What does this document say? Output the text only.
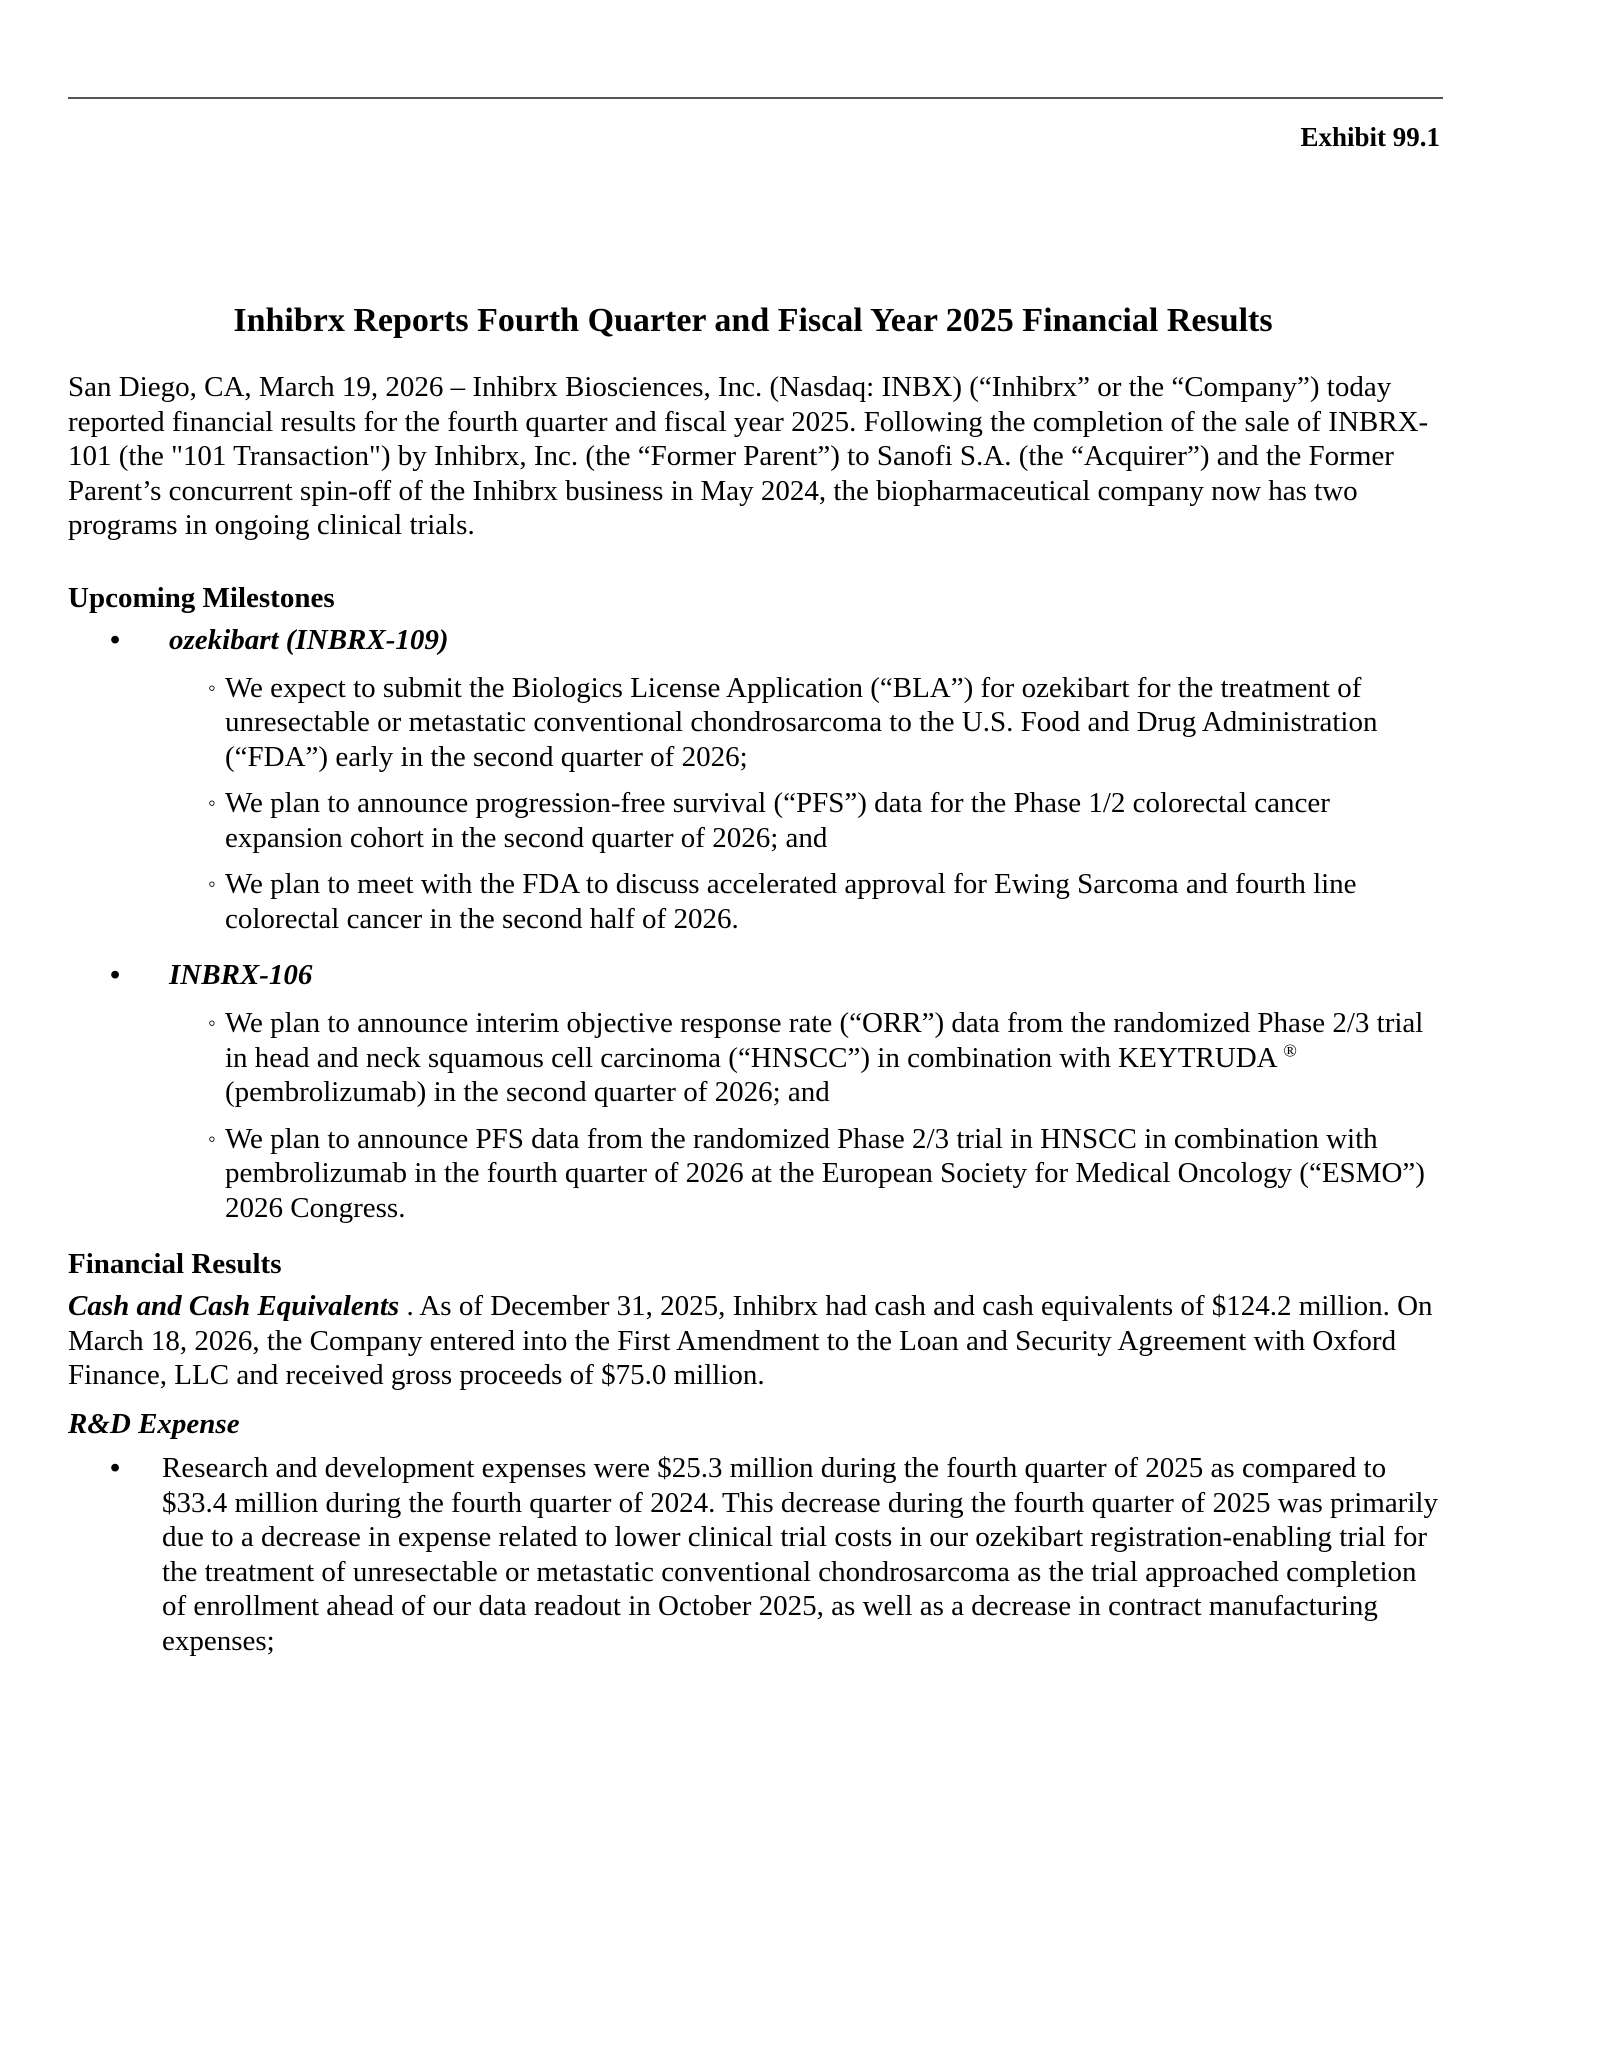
Exhibit 99.1
Inhibrx Reports Fourth Quarter and Fiscal Year 2025 Financial Results

San Diego, CA, March 19, 2026 – Inhibrx Biosciences, Inc. (Nasdaq: INBX) (“Inhibrx” or the “Company”) today reported financial results for the fourth quarter and fiscal year 2025. Following the completion of the sale of INBRX-101 (the "101 Transaction") by Inhibrx, Inc. (the “Former Parent”) to Sanofi S.A. (the “Acquirer”) and the Former Parent’s concurrent spin-off of the Inhibrx business in May 2024, the biopharmaceutical company now has two programs in ongoing clinical trials.

Upcoming Milestones
• ozekibart (INBRX-109)
◦ We expect to submit the Biologics License Application (“BLA”) for ozekibart for the treatment of unresectable or metastatic conventional chondrosarcoma to the U.S. Food and Drug Administration (“FDA”) early in the second quarter of 2026;
◦ We plan to announce progression-free survival (“PFS”) data for the Phase 1/2 colorectal cancer expansion cohort in the second quarter of 2026; and
◦ We plan to meet with the FDA to discuss accelerated approval for Ewing Sarcoma and fourth line colorectal cancer in the second half of 2026.
• INBRX-106
◦ We plan to announce interim objective response rate (“ORR”) data from the randomized Phase 2/3 trial in head and neck squamous cell carcinoma (“HNSCC”) in combination with KEYTRUDA ® (pembrolizumab) in the second quarter of 2026; and
◦ We plan to announce PFS data from the randomized Phase 2/3 trial in HNSCC in combination with pembrolizumab in the fourth quarter of 2026 at the European Society for Medical Oncology (“ESMO”) 2026 Congress.
Financial Results

Cash and Cash Equivalents . As of December 31, 2025, Inhibrx had cash and cash equivalents of $124.2 million. On March 18, 2026, the Company entered into the First Amendment to the Loan and Security Agreement with Oxford Finance, LLC and received gross proceeds of $75.0 million.

R&D Expense
• Research and development expenses were $25.3 million during the fourth quarter of 2025 as compared to $33.4 million during the fourth quarter of 2024. This decrease during the fourth quarter of 2025 was primarily due to a decrease in expense related to lower clinical trial costs in our ozekibart registration-enabling trial for the treatment of unresectable or metastatic conventional chondrosarcoma as the trial approached completion of enrollment ahead of our data readout in October 2025, as well as a decrease in contract manufacturing expenses;
